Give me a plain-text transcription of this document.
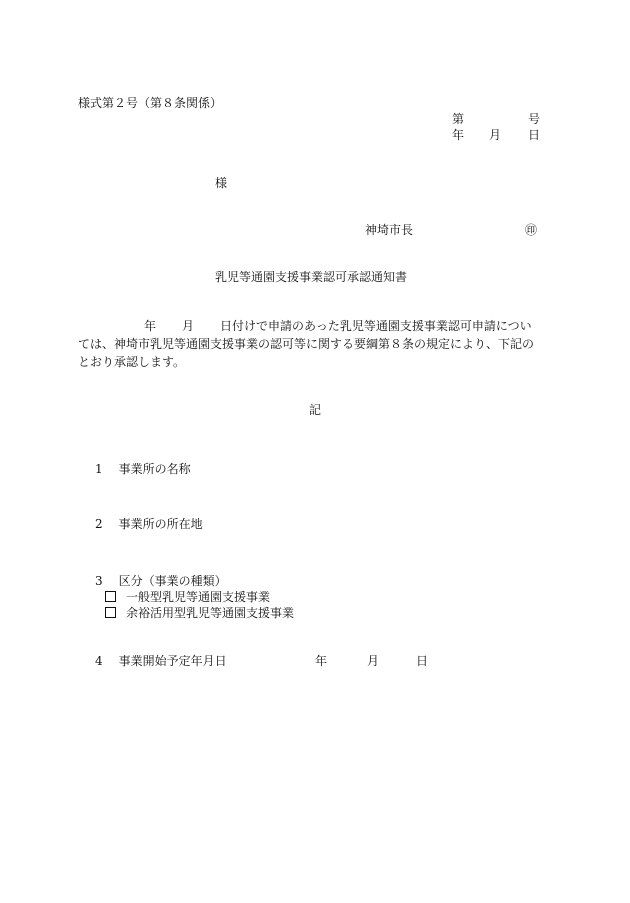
様式第２号（第８条関係）
第	号
年 月 日
様
神埼市長	㊞
乳児等通園支援事業認可承認通知書
年 月 日付けで申請のあった乳児等通園支援事業認可申請につい
ては、神埼市乳児等通園支援事業の認可等に関する要綱第８条の規定により、下記の
とおり承認します。
記
1 事業所の名称
2 事業所の所在地
3 区分（事業の種類）
一般型乳児等通園支援事業
余裕活用型乳児等通園支援事業
4 事業開始予定年月日	年	月	日
